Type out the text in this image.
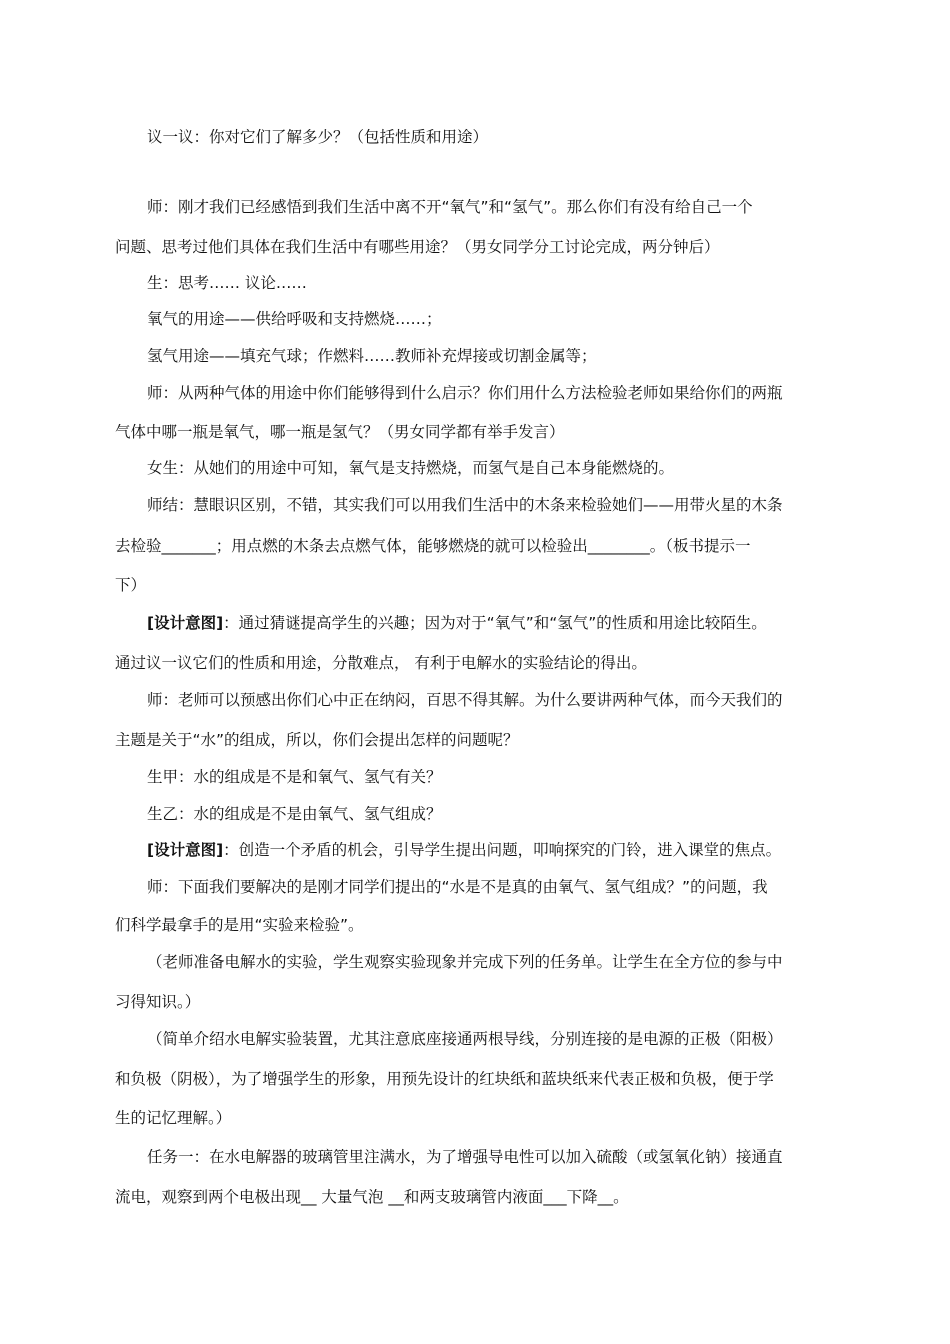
议一议：你对它们了解多少？（包括性质和用途）
师：刚才我们已经感悟到我们生活中离不开“氧气”和“氢气”。那么你们有没有给自己一个
问题、思考过他们具体在我们生活中有哪些用途？（男女同学分工讨论完成，两分钟后）
生：思考…… 议论……
氧气的用途——供给呼吸和支持燃烧……；
氢气用途——填充气球；作燃料……教师补充焊接或切割金属等；
师：从两种气体的用途中你们能够得到什么启示？你们用什么方法检验老师如果给你们的两瓶
气体中哪一瓶是氧气，哪一瓶是氢气？（男女同学都有举手发言）
女生：从她们的用途中可知，氧气是支持燃烧，而氢气是自己本身能燃烧的。
师结：慧眼识区别，不错，其实我们可以用我们生活中的木条来检验她们——用带火星的木条
去检验_______；用点燃的木条去点燃气体，能够燃烧的就可以检验出________。（板书提示一
下）
[设计意图]：通过猜谜提高学生的兴趣；因为对于“氧气”和“氢气”的性质和用途比较陌生。
通过议一议它们的性质和用途，分散难点， 有利于电解水的实验结论的得出。
师：老师可以预感出你们心中正在纳闷，百思不得其解。为什么要讲两种气体，而今天我们的
主题是关于“水”的组成，所以，你们会提出怎样的问题呢？
生甲：水的组成是不是和氧气、氢气有关？
生乙：水的组成是不是由氧气、氢气组成？
[设计意图]：创造一个矛盾的机会，引导学生提出问题，叩响探究的门铃，进入课堂的焦点。
师：下面我们要解决的是刚才同学们提出的“水是不是真的由氧气、氢气组成？”的问题，我
们科学最拿手的是用“实验来检验”。
（老师准备电解水的实验，学生观察实验现象并完成下列的任务单。让学生在全方位的参与中
习得知识。）
（简单介绍水电解实验装置，尤其注意底座接通两根导线，分别连接的是电源的正极（阳极）
和负极（阴极），为了增强学生的形象，用预先设计的红块纸和蓝块纸来代表正极和负极，便于学
生的记忆理解。）
任务一：在水电解器的玻璃管里注满水，为了增强导电性可以加入硫酸（或氢氧化钠）接通直
流电，观察到两个电极出现__ 大量气泡 __和两支玻璃管内液面___下降__。
